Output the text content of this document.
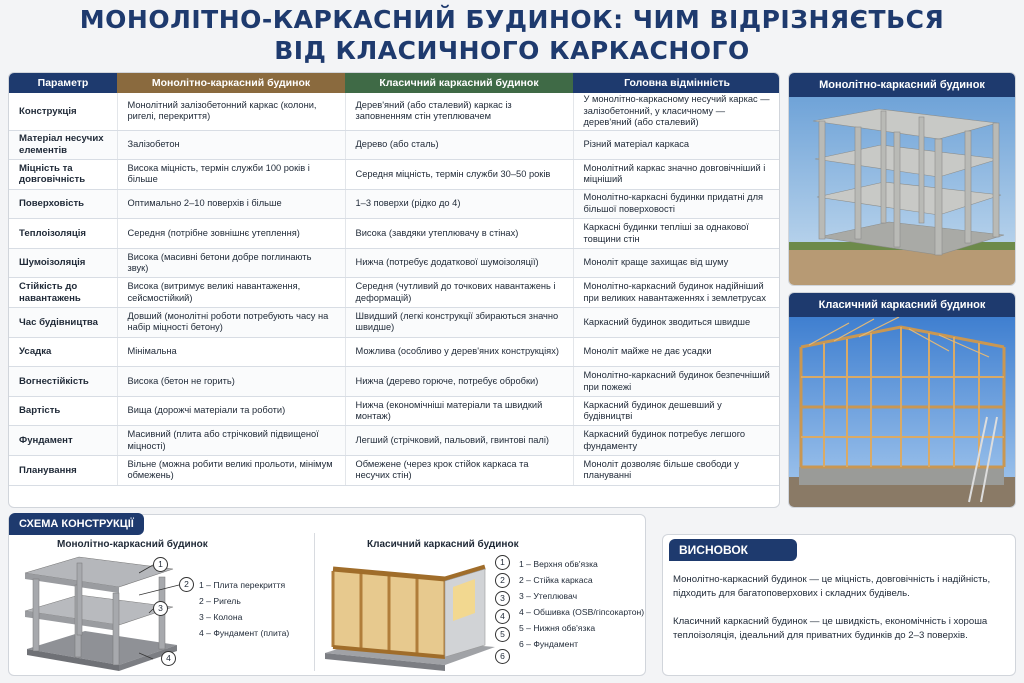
МОНОЛІТНО-КАРКАСНИЙ БУДИНОК: ЧИМ ВІДРІЗНЯЄТЬСЯ
ВІД КЛАСИЧНОГО КАРКАСНОГО
Параметр	Монолітно-каркасний будинок	Класичний каркасний будинок	Головна відмінність
Конструкція	Монолітний залізобетонний каркас (колони, ригелі, перекриття)	Дерев'яний (або сталевий) каркас із заповненням стін утеплювачем	У монолітно-каркасному несучий каркас — залізобетонний, у класичному — дерев'яний (або сталевий)
Матеріал несучих елементів	Залізобетон	Дерево (або сталь)	Різний матеріал каркаса
Міцність та довговічність	Висока міцність, термін служби 100 років і більше	Середня міцність, термін служби 30–50 років	Монолітний каркас значно довговічніший і міцніший
Поверховість	Оптимально 2–10 поверхів і більше	1–3 поверхи (рідко до 4)	Монолітно-каркасні будинки придатні для більшої поверховості
Теплоізоляція	Середня (потрібне зовнішнє утеплення)	Висока (завдяки утеплювачу в стінах)	Каркасні будинки тепліші за однакової товщини стін
Шумоізоляція	Висока (масивні бетони добре поглинають звук)	Нижча (потребує додаткової шумоізоляції)	Моноліт краще захищає від шуму
Стійкість до навантажень	Висока (витримує великі навантаження, сейсмостійкий)	Середня (чутливий до точкових навантажень і деформацій)	Монолітно-каркасний будинок надійніший при великих навантаженнях і землетрусах
Час будівництва	Довший (монолітні роботи потребують часу на набір міцності бетону)	Швидший (легкі конструкції збираються значно швидше)	Каркасний будинок зводиться швидше
Усадка	Мінімальна	Можлива (особливо у дерев'яних конструкціях)	Моноліт майже не дає усадки
Вогнестійкість	Висока (бетон не горить)	Нижча (дерево горюче, потребує обробки)	Монолітно-каркасний будинок безпечніший при пожежі
Вартість	Вища (дорожчі матеріали та роботи)	Нижча (економічніші матеріали та швидкий монтаж)	Каркасний будинок дешевший у будівництві
Фундамент	Масивний (плита або стрічковий підвищеної міцності)	Легший (стрічковий, пальовий, гвинтові палі)	Каркасний будинок потребує легшого фундаменту
Планування	Вільне (можна робити великі прольоти, мінімум обмежень)	Обмежене (через крок стійок каркаса та несучих стін)	Моноліт дозволяє більше свободи у плануванні
Монолітно-каркасний будинок
Класичний каркасний будинок
СХЕМА КОНСТРУКЦІЇ
Монолітно-каркасний будинок
1
2
3
4
1 – Плита перекриття
2 – Ригель
3 – Колона
4 – Фундамент (плита)
Класичний каркасний будинок
1
2
3
4
5
6
1 – Верхня обв'язка
2 – Стійка каркаса
3 – Утеплювач
4 – Обшивка (OSB/гіпсокартон)
5 – Нижня обв'язка
6 – Фундамент
ВИСНОВОК

Монолітно-каркасний будинок — це міцність, довговічність і надійність, підходить для багатоповерхових і складних будівель.

Класичний каркасний будинок — це швидкість, економічність і хороша теплоізоляція, ідеальний для приватних будинків до 2–3 поверхів.
